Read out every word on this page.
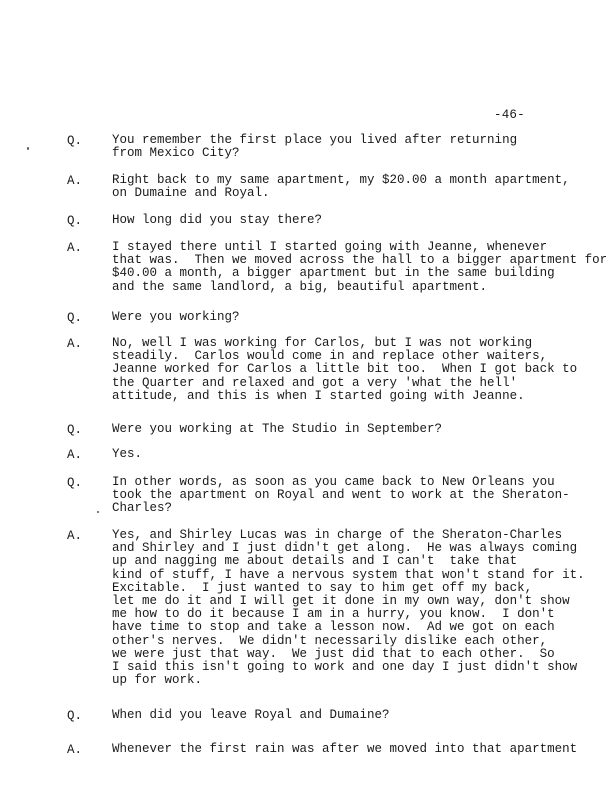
-46-
Q. You remember the first place you lived after returning
from Mexico City?
A. Right back to my same apartment, my $20.00 a month apartment,
on Dumaine and Royal.
Q. How long did you stay there?
A. I stayed there until I started going with Jeanne, whenever
that was.  Then we moved across the hall to a bigger apartment for
$40.00 a month, a bigger apartment but in the same building
and the same landlord, a big, beautiful apartment.
Q. Were you working?
A. No, well I was working for Carlos, but I was not working
steadily.  Carlos would come in and replace other waiters,
Jeanne worked for Carlos a little bit too.  When I got back to
the Quarter and relaxed and got a very 'what the hell'
attitude, and this is when I started going with Jeanne.
Q. Were you working at The Studio in September?
A. Yes.
Q. In other words, as soon as you came back to New Orleans you
took the apartment on Royal and went to work at the Sheraton-
Charles?
A. Yes, and Shirley Lucas was in charge of the Sheraton-Charles
and Shirley and I just didn't get along.  He was always coming
up and nagging me about details and I can't  take that
kind of stuff, I have a nervous system that won't stand for it.
Excitable.  I just wanted to say to him get off my back,
let me do it and I will get it done in my own way, don't show
me how to do it because I am in a hurry, you know.  I don't
have time to stop and take a lesson now.  Ad we got on each
other's nerves.  We didn't necessarily dislike each other,
we were just that way.  We just did that to each other.  So
I said this isn't going to work and one day I just didn't show
up for work.
Q. When did you leave Royal and Dumaine?
A. Whenever the first rain was after we moved into that apartment
